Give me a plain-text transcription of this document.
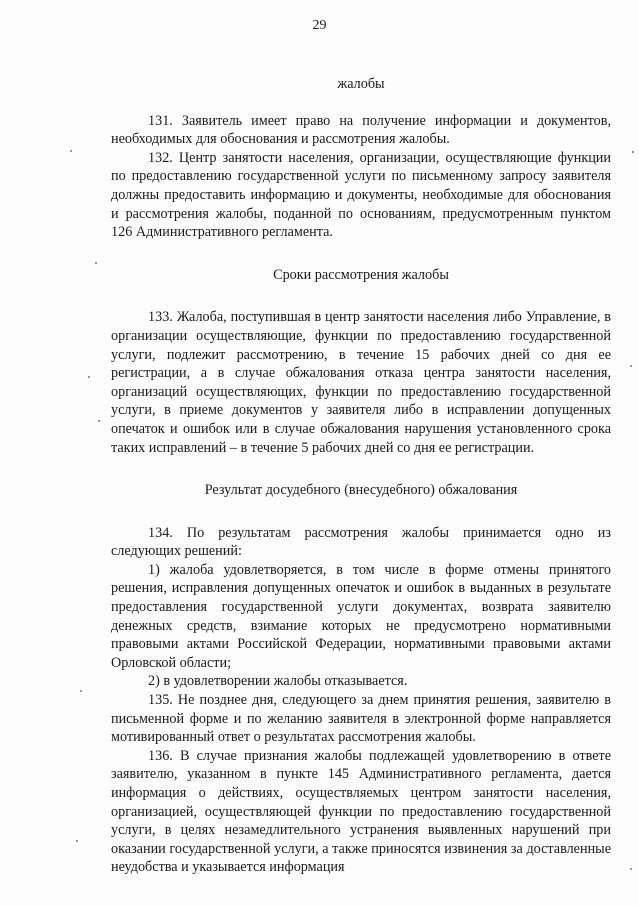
29
жалобы

131. Заявитель имеет право на получение информации и документов, необходимых для обоснования и рассмотрения жалобы.

132. Центр занятости населения, организации, осуществляющие функции по предоставлению государственной услуги по письменному запросу заявителя должны предоставить информацию и документы, необходимые для обоснования и рассмотрения жалобы, поданной по основаниям, предусмотренным пунктом 126 Административного регламента.

Сроки рассмотрения жалобы

133. Жалоба, поступившая в центр занятости населения либо Управление, в организации осуществляющие, функции по предоставлению государственной услуги, подлежит рассмотрению, в течение 15 рабочих дней со дня ее регистрации, а в случае обжалования отказа центра занятости населения, организаций осуществляющих, функции по предоставлению государственной услуги, в приеме документов у заявителя либо в исправлении допущенных опечаток и ошибок или в случае обжалования нарушения установленного срока таких исправлений – в течение 5 рабочих дней со дня ее регистрации.

Результат досудебного (внесудебного) обжалования

134. По результатам рассмотрения жалобы принимается одно из следующих решений:

1) жалоба удовлетворяется, в том числе в форме отмены принятого решения, исправления допущенных опечаток и ошибок в выданных в результате предоставления государственной услуги документах, возврата заявителю денежных средств, взимание которых не предусмотрено нормативными правовыми актами Российской Федерации, нормативными правовыми актами Орловской области;

2) в удовлетворении жалобы отказывается.

135. Не позднее дня, следующего за днем принятия решения, заявителю в письменной форме и по желанию заявителя в электронной форме направляется мотивированный ответ о результатах рассмотрения жалобы.

136. В случае признания жалобы подлежащей удовлетворению в ответе заявителю, указанном в пункте 145 Административного регламента, дается информация о действиях, осуществляемых центром занятости населения, организацией, осуществляющей функции по предоставлению государственной услуги, в целях незамедлительного устранения выявленных нарушений при оказании государственной услуги, а также приносятся извинения за доставленные неудобства и указывается информация
